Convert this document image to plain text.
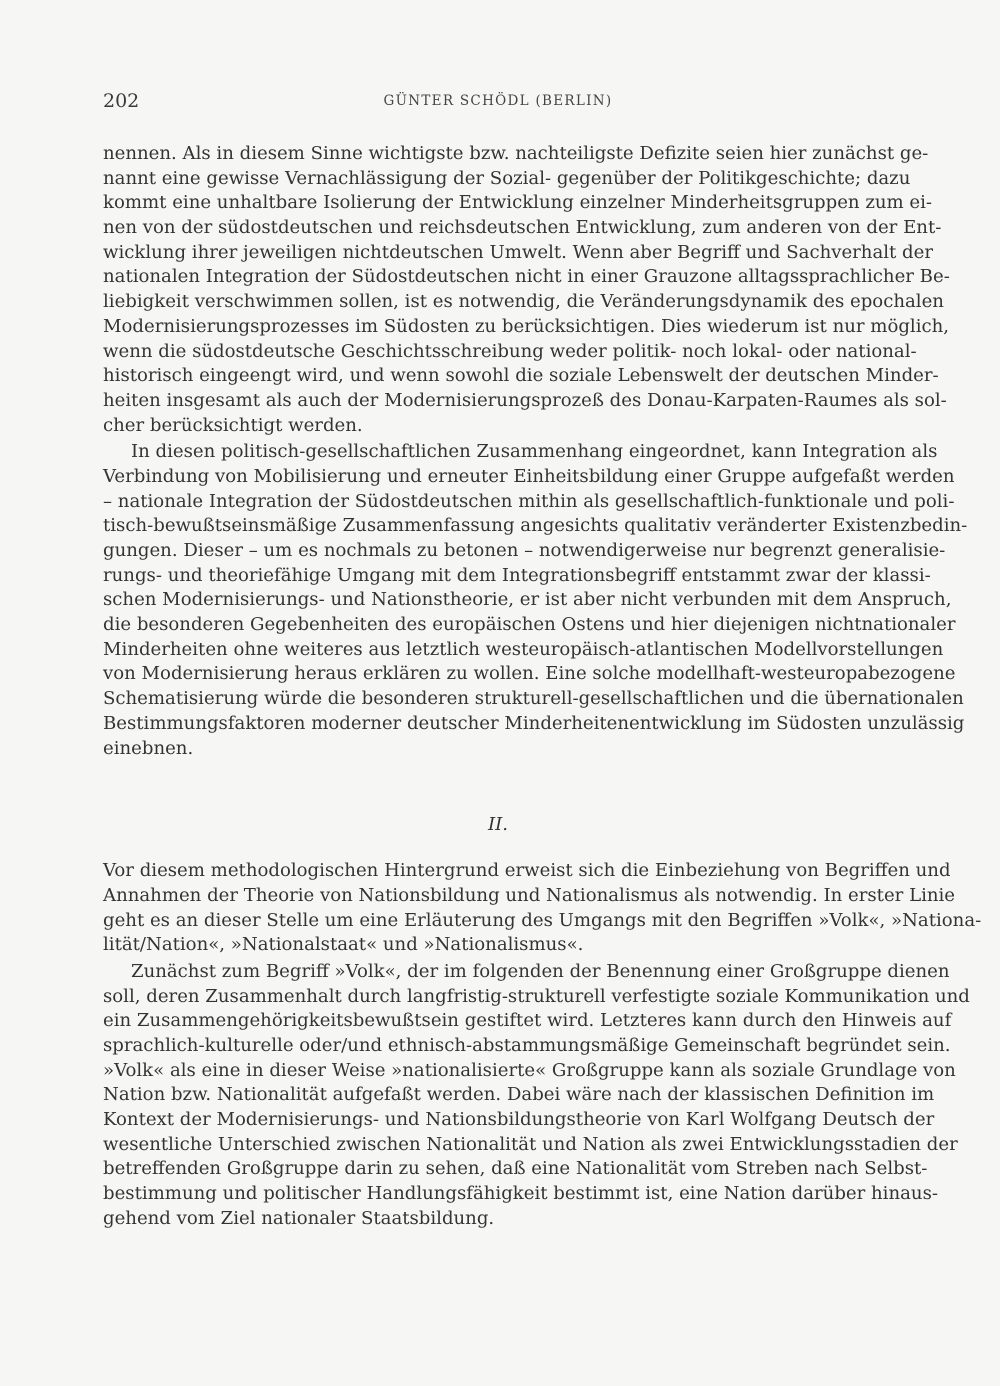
202	GÜNTER SCHÖDL (BERLIN)
nennen. Als in diesem Sinne wichtigste bzw. nachteiligste Defizite seien hier zunächst ge-
nannt eine gewisse Vernachlässigung der Sozial- gegenüber der Politikgeschichte; dazu
kommt eine unhaltbare Isolierung der Entwicklung einzelner Minderheitsgruppen zum ei-
nen von der südostdeutschen und reichsdeutschen Entwicklung, zum anderen von der Ent-
wicklung ihrer jeweiligen nichtdeutschen Umwelt. Wenn aber Begriff und Sachverhalt der
nationalen Integration der Südostdeutschen nicht in einer Grauzone alltagssprachlicher Be-
liebigkeit verschwimmen sollen, ist es notwendig, die Veränderungsdynamik des epochalen
Modernisierungsprozesses im Südosten zu berücksichtigen. Dies wiederum ist nur möglich,
wenn die südostdeutsche Geschichtsschreibung weder politik- noch lokal- oder national-
historisch eingeengt wird, und wenn sowohl die soziale Lebenswelt der deutschen Minder-
heiten insgesamt als auch der Modernisierungsprozeß des Donau-Karpaten-Raumes als sol-
cher berücksichtigt werden.
In diesen politisch-gesellschaftlichen Zusammenhang eingeordnet, kann Integration als
Verbindung von Mobilisierung und erneuter Einheitsbildung einer Gruppe aufgefaßt werden
– nationale Integration der Südostdeutschen mithin als gesellschaftlich-funktionale und poli-
tisch-bewußtseinsmäßige Zusammenfassung angesichts qualitativ veränderter Existenzbedin-
gungen. Dieser – um es nochmals zu betonen – notwendigerweise nur begrenzt generalisie-
rungs- und theoriefähige Umgang mit dem Integrationsbegriff entstammt zwar der klassi-
schen Modernisierungs- und Nationstheorie, er ist aber nicht verbunden mit dem Anspruch,
die besonderen Gegebenheiten des europäischen Ostens und hier diejenigen nichtnationaler
Minderheiten ohne weiteres aus letztlich westeuropäisch-atlantischen Modellvorstellungen
von Modernisierung heraus erklären zu wollen. Eine solche modellhaft-westeuropabezogene
Schematisierung würde die besonderen strukturell-gesellschaftlichen und die übernationalen
Bestimmungsfaktoren moderner deutscher Minderheitenentwicklung im Südosten unzulässig
einebnen.
II.
Vor diesem methodologischen Hintergrund erweist sich die Einbeziehung von Begriffen und
Annahmen der Theorie von Nationsbildung und Nationalismus als notwendig. In erster Linie
geht es an dieser Stelle um eine Erläuterung des Umgangs mit den Begriffen »Volk«, »Nationa-
lität/Nation«, »Nationalstaat« und »Nationalismus«.
Zunächst zum Begriff »Volk«, der im folgenden der Benennung einer Großgruppe dienen
soll, deren Zusammenhalt durch langfristig-strukturell verfestigte soziale Kommunikation und
ein Zusammengehörigkeitsbewußtsein gestiftet wird. Letzteres kann durch den Hinweis auf
sprachlich-kulturelle oder/und ethnisch-abstammungsmäßige Gemeinschaft begründet sein.
»Volk« als eine in dieser Weise »nationalisierte« Großgruppe kann als soziale Grundlage von
Nation bzw. Nationalität aufgefaßt werden. Dabei wäre nach der klassischen Definition im
Kontext der Modernisierungs- und Nationsbildungstheorie von Karl Wolfgang Deutsch der
wesentliche Unterschied zwischen Nationalität und Nation als zwei Entwicklungsstadien der
betreffenden Großgruppe darin zu sehen, daß eine Nationalität vom Streben nach Selbst-
bestimmung und politischer Handlungsfähigkeit bestimmt ist, eine Nation darüber hinaus-
gehend vom Ziel nationaler Staatsbildung.
